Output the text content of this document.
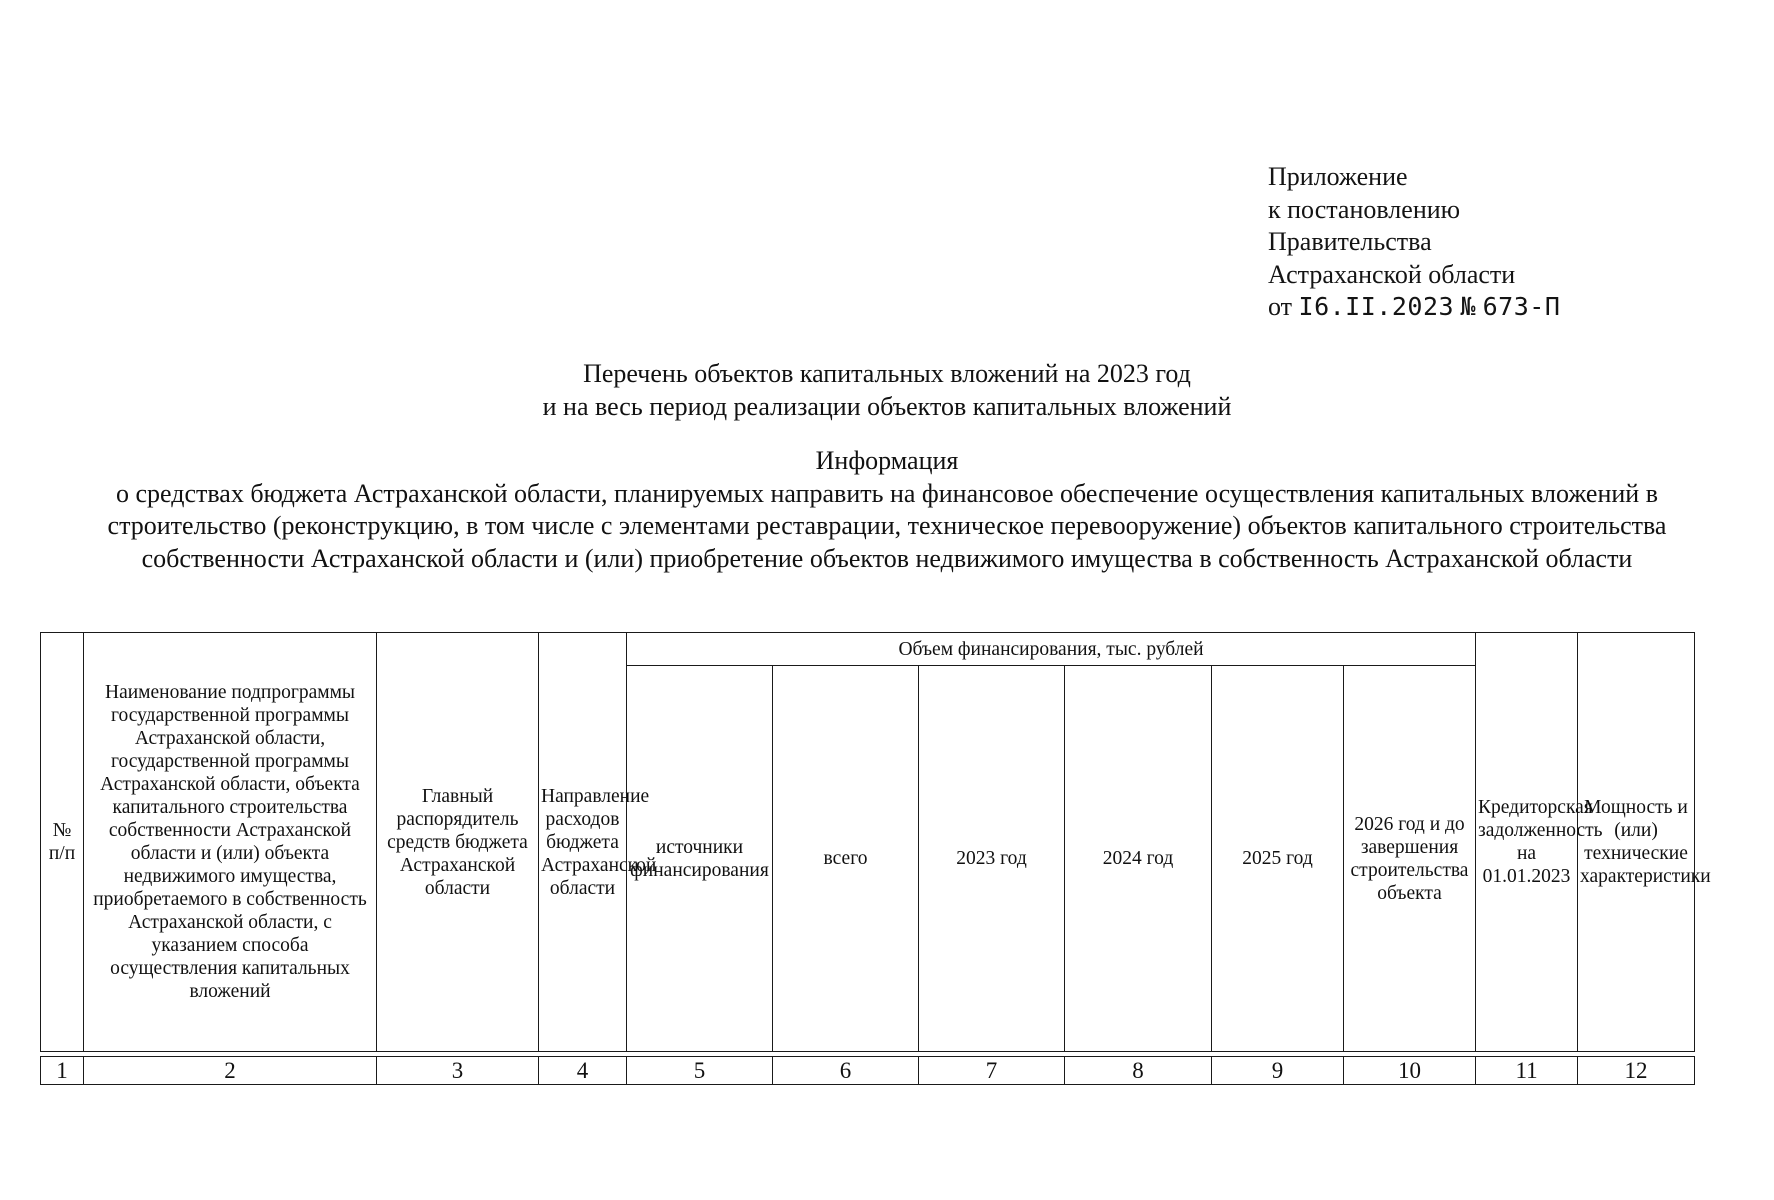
Приложение
к постановлению
Правительства
Астраханской области
от I6.II.2023 № 673-П
Перечень объектов капитальных вложений на 2023 год
и на весь период реализации объектов капитальных вложений
Информация
о средствах бюджета Астраханской области, планируемых направить на финансовое обеспечение осуществления капитальных вложений в строительство (реконструкцию, в том числе с элементами реставрации, техническое перевооружение) объектов капитального строительства собственности Астраханской области и (или) приобретение объектов недвижимого имущества в собственность Астраханской области
№ п/п	Наименование подпрограммы государственной программы Астраханской области, государственной программы Астраханской области, объекта капитального строительства собственности Астраханской области и (или) объекта недвижимого имущества, приобретаемого в собственность Астраханской области, с указанием способа осуществления капитальных вложений	Главный распорядитель средств бюджета Астраханской области	Направление расходов бюджета Астраханской области	Объем финансирования, тыс. рублей						Кредиторская задолженность на 01.01.2023	Мощность и (или) технические характеристики
				источники финансирования	всего	2023 год	2024 год	2025 год	2026 год и до завершения строительства объекта		

1	2	3	4	5	6	7	8	9	10	11	12
